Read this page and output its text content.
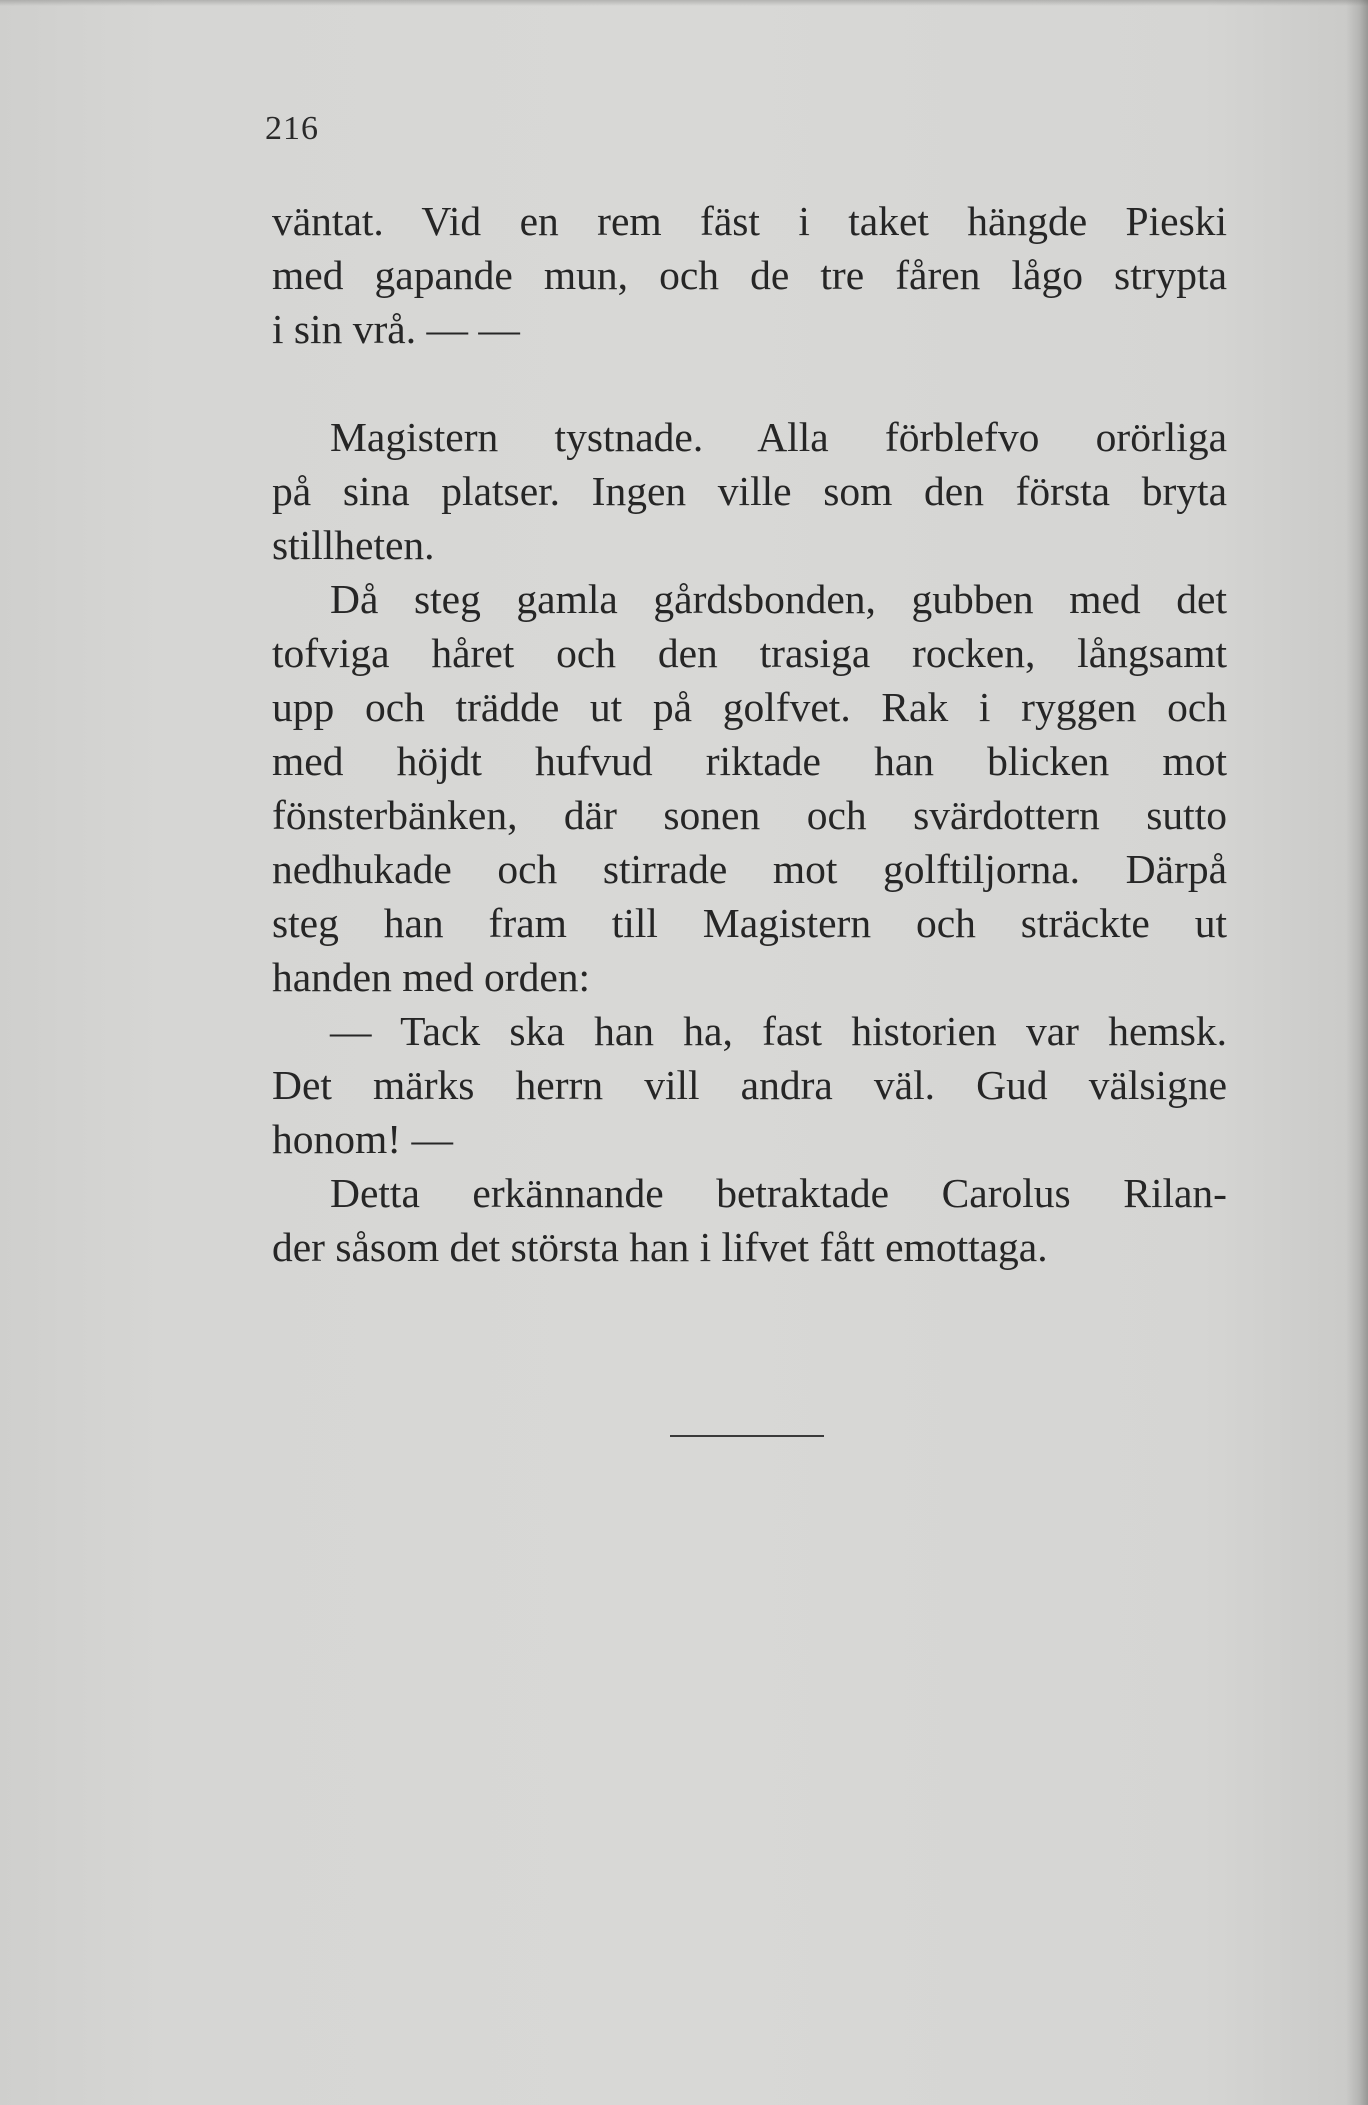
216
väntat. Vid en rem fäst i taket hängde Pieski
med gapande mun, och de tre fåren lågo strypta
i sin vrå. — —
Magistern tystnade. Alla förblefvo orörliga
på sina platser. Ingen ville som den första bryta
stillheten.
Då steg gamla gårdsbonden, gubben med det
tofviga håret och den trasiga rocken, långsamt
upp och trädde ut på golfvet. Rak i ryggen och
med höjdt hufvud riktade han blicken mot
fönsterbänken, där sonen och svärdottern sutto
nedhukade och stirrade mot golftiljorna. Därpå
steg han fram till Magistern och sträckte ut
handen med orden:
— Tack ska han ha, fast historien var hemsk.
Det märks herrn vill andra väl. Gud välsigne
honom! —
Detta erkännande betraktade Carolus Rilan-
der såsom det största han i lifvet fått emottaga.
